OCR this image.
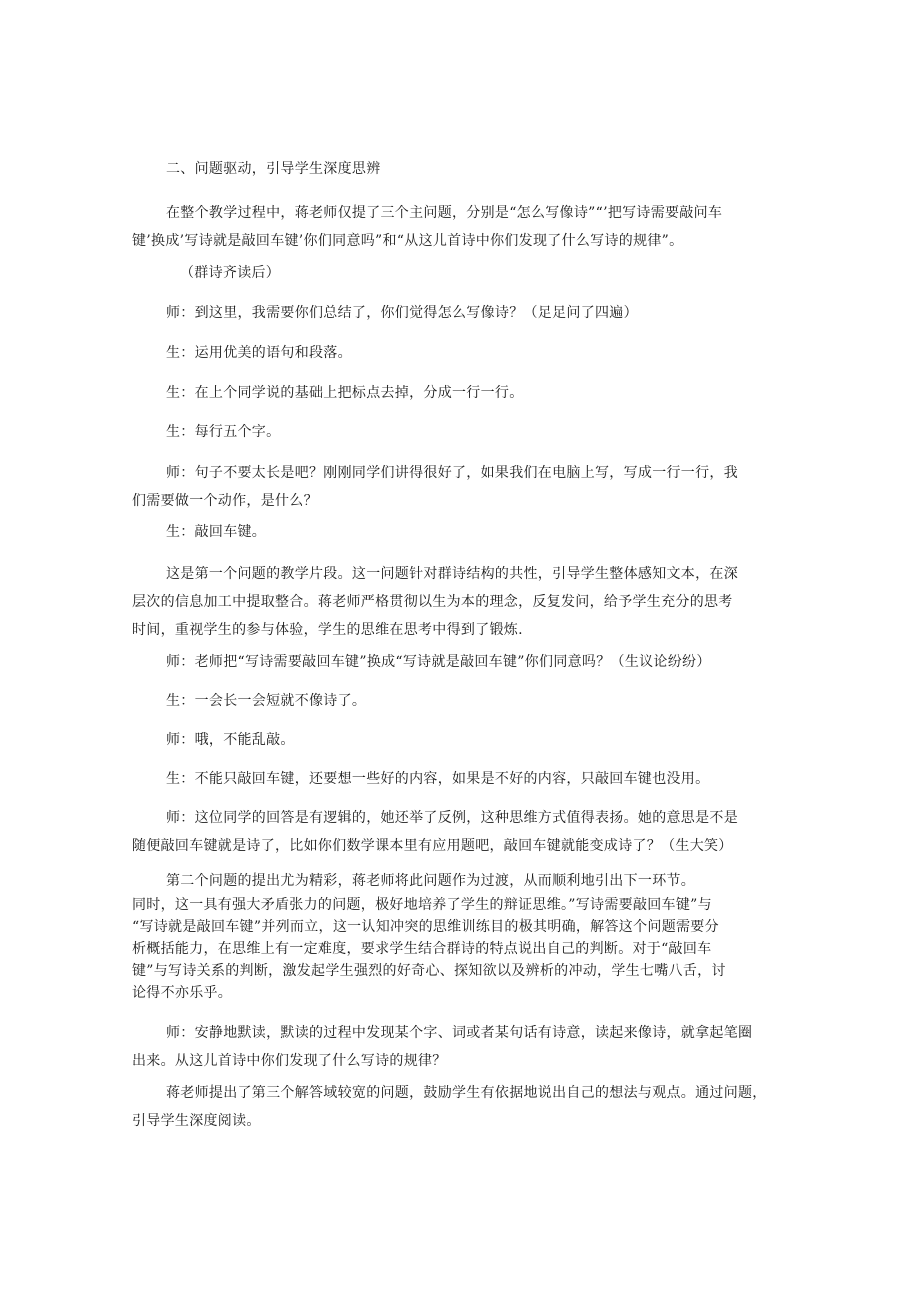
二、问题驱动，引导学生深度思辨

在整个教学过程中，蒋老师仅提了三个主问题，分别是“怎么写像诗”“’把写诗需要敲问车
键’换成’写诗就是敲回车键’你们同意吗”和“从这儿首诗中你们发现了什么写诗的规律”。

（群诗齐读后）

师：到这里，我需要你们总结了，你们觉得怎么写像诗？（足足问了四遍）

生：运用优美的语句和段落。

生：在上个同学说的基础上把标点去掉，分成一行一行。

生：每行五个字。

师：句子不要太长是吧？刚刚同学们讲得很好了，如果我们在电脑上写，写成一行一行，我
们需要做一个动作，是什么？

生：敲回车键。

这是第一个问题的教学片段。这一问题针对群诗结构的共性，引导学生整体感知文本，在深
层次的信息加工中提取整合。蒋老师严格贯彻以生为本的理念，反复发问，给予学生充分的思考
时间，重视学生的参与体验，学生的思维在思考中得到了锻炼.

师：老师把“写诗需要敲回车键”换成“写诗就是敲回车键”你们同意吗？（生议论纷纷）

生：一会长一会短就不像诗了。

师：哦，不能乱敲。

生：不能只敲回车键，还要想一些好的内容，如果是不好的内容，只敲回车键也没用。

师：这位同学的回答是有逻辑的，她还举了反例，这种思维方式值得表扬。她的意思是不是
随便敲回车键就是诗了，比如你们数学课本里有应用题吧，敲回车键就能变成诗了？（生大笑）

第二个问题的提出尤为精彩，蒋老师将此问题作为过渡，从而顺利地引出下一环节。

同时，这一具有强大矛盾张力的问题，极好地培养了学生的辩证思维。”写诗需要敲回车键”与
“写诗就是敲回车键”并列而立，这一认知冲突的思维训练目的极其明确，解答这个问题需要分
析概括能力，在思维上有一定难度，要求学生结合群诗的特点说出自己的判断。对于“敲回车
键”与写诗关系的判断，激发起学生强烈的好奇心、探知欲以及辨析的冲动，学生七嘴八舌，讨
论得不亦乐乎。

师：安静地默读，默读的过程中发现某个字、词或者某句话有诗意，读起来像诗，就拿起笔圈
出来。从这儿首诗中你们发现了什么写诗的规律？

蒋老师提出了第三个解答域较宽的问题，鼓励学生有依据地说出自己的想法与观点。通过问题，
引导学生深度阅读。
